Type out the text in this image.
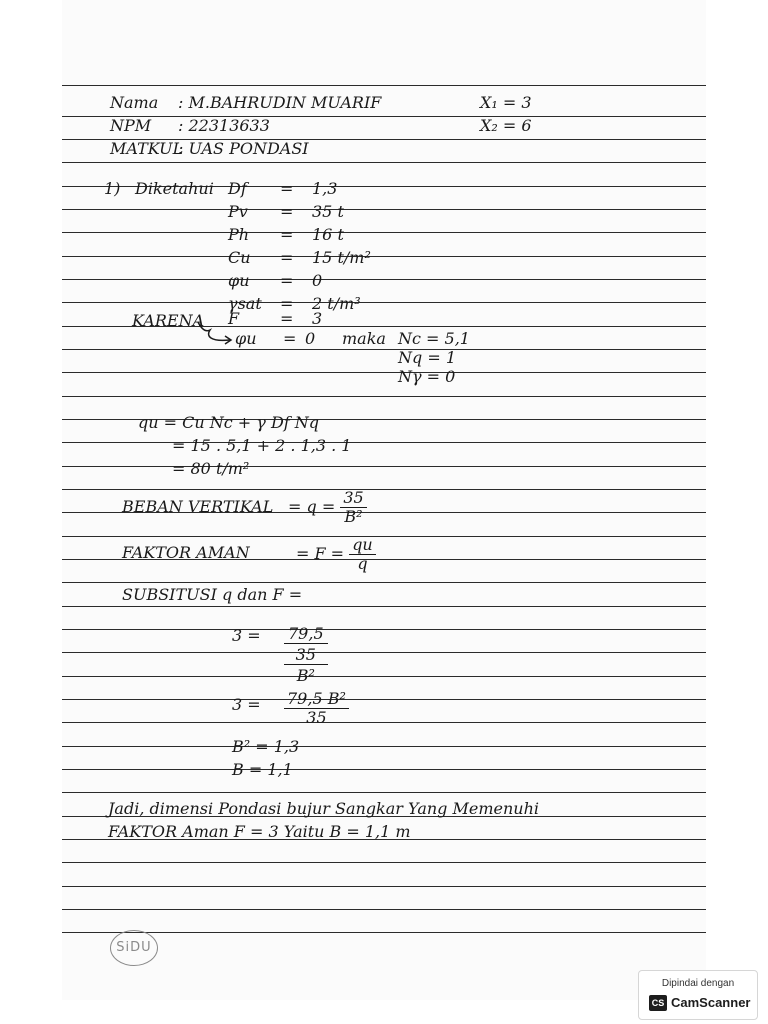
Nama : M.BAHRUDIN MUARIF
NPM : 22313633
MATKUL
: UAS PONDASI
X₁ = 3
X₂ = 6
1) Diketahui Df = 1,3
Pv = 35 t
Ph = 16 t
Cu = 15 t/m²
φu = 0
γsat = 2 t/m³
F	= 3
KARENA
φu = 0 maka Nc = 5,1
Nq = 1
Nγ = 0
qu = Cu Nc + γ Df Nq
= 15 . 5,1 + 2 . 1,3 . 1
= 80 t/m²
BEBAN VERTIKAL = $q = \frac{35}{\text{B²}}$
FAKTOR AMAN	= $F = \frac{qu}{q}$
SUBSITUSI q dan F =
3 = 79,5
35
B²
$3 = \frac{\text{79,5 B²}}{35}$
B² = 1,3
B = 1,1
Jadi, dimensi Pondasi bujur Sangkar Yang Memenuhi
FAKTOR Aman F = 3 Yaitu B = 1,1 m
SiDU
Dipindai dengan
CS CamScanner
